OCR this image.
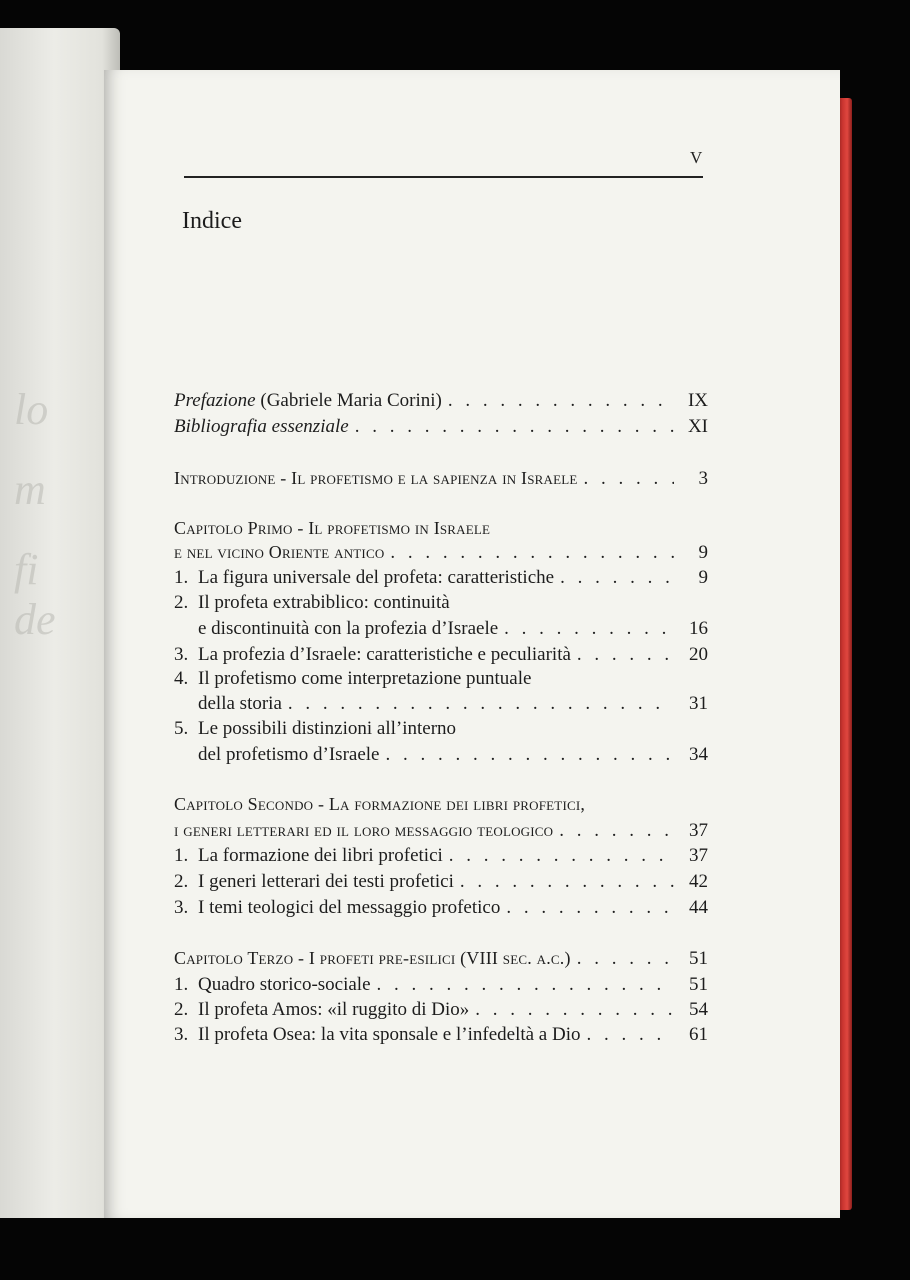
lo
m
fi
de
V
Indice
Prefazione (Gabriele Maria Corini) . . .	IX
Bibliografia essenziale . . .	XI
Introduzione - Il profetismo e la sapienza in Israele . . .	3
Capitolo Primo - Il profetismo in Israele
e nel vicino Oriente antico . . .	9
1. La figura universale del profeta: caratteristiche . . .	9
2. Il profeta extrabiblico: continuità
e discontinuità con la profezia d’Israele . . .	16
3. La profezia d’Israele: caratteristiche e peculiarità . . .	20
4. Il profetismo come interpretazione puntuale
della storia . . .	31
5. Le possibili distinzioni all’interno
del profetismo d’Israele . . .	34
Capitolo Secondo - La formazione dei libri profetici,
i generi letterari ed il loro messaggio teologico . . .	37
1. La formazione dei libri profetici . . .	37
2. I generi letterari dei testi profetici . . .	42
3. I temi teologici del messaggio profetico . . .	44
Capitolo Terzo - I profeti pre-esilici (VIII sec. a.c.) . . .	51
1. Quadro storico-sociale . . .	51
2. Il profeta Amos: «il ruggito di Dio» . . .	54
3. Il profeta Osea: la vita sponsale e l’infedeltà a Dio . . .	61
